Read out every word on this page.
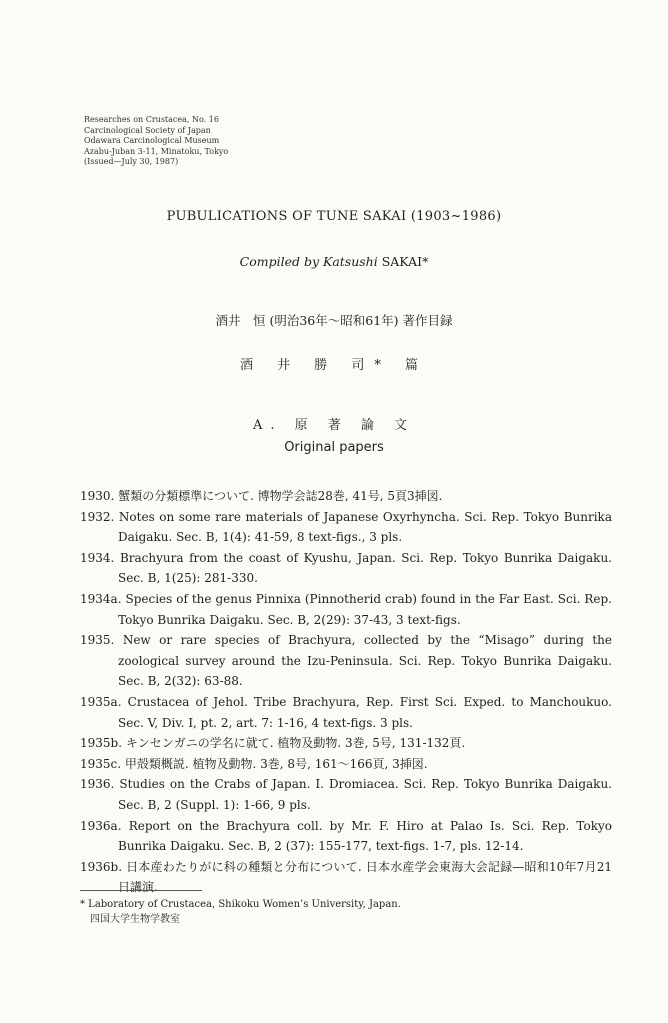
Researches on Crustacea, No. 16
Carcinological Society of Japan
Odawara Carcinological Museum
Azabu-Juban 3-11, Minatoku, Tokyo
(Issued—July 30, 1987)
PUBULICATIONS OF TUNE SAKAI (1903~1986)
Compiled by Katsushi SAKAI*
酒井　恒 (明治36年～昭和61年) 著作目録
酒 井 勝 司* 篇
A. 原 著 論 文
Original papers
1930. 蟹類の分類標準について. 博物学会誌28巻, 41号, 5頁3挿図.
1932. Notes on some rare materials of Japanese Oxyrhyncha. Sci. Rep. Tokyo Bunrika Daigaku. Sec. B, 1(4): 41-59, 8 text-figs., 3 pls.
1934. Brachyura from the coast of Kyushu, Japan. Sci. Rep. Tokyo Bunrika Daigaku. Sec. B, 1(25): 281-330.
1934a. Species of the genus Pinnixa (Pinnotherid crab) found in the Far East. Sci. Rep. Tokyo Bunrika Daigaku. Sec. B, 2(29): 37-43, 3 text-figs.
1935. New or rare species of Brachyura, collected by the “Misago” during the zoological survey around the Izu-Peninsula. Sci. Rep. Tokyo Bunrika Daigaku. Sec. B, 2(32): 63-88.
1935a. Crustacea of Jehol. Tribe Brachyura, Rep. First Sci. Exped. to Manchoukuo. Sec. V, Div. I, pt. 2, art. 7: 1-16, 4 text-figs. 3 pls.
1935b. キンセンガニの学名に就て. 植物及動物. 3巻, 5号, 131-132頁.
1935c. 甲殻類概説. 植物及動物. 3巻, 8号, 161～166頁, 3挿図.
1936. Studies on the Crabs of Japan. I. Dromiacea. Sci. Rep. Tokyo Bunrika Daigaku. Sec. B, 2 (Suppl. 1): 1-66, 9 pls.
1936a. Report on the Brachyura coll. by Mr. F. Hiro at Palao Is. Sci. Rep. Tokyo Bunrika Daigaku. Sec. B, 2 (37): 155-177, text-figs. 1-7, pls. 12-14.
1936b. 日本産わたりがに科の種類と分布について. 日本水産学会東海大会記録—昭和10年7月21日講演.
* Laboratory of Crustacea, Shikoku Women’s University, Japan.
四国大学生物学教室
